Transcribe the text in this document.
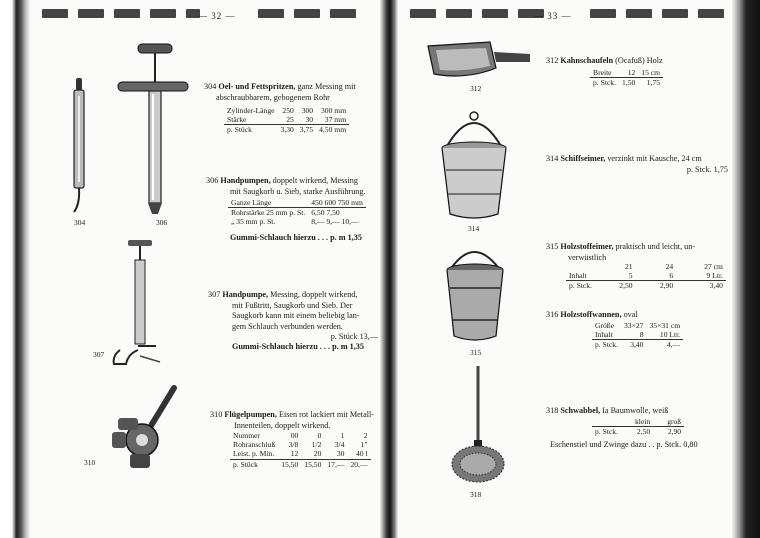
— 32 —	— 33 —
304	306
307
310
304 Oel- und Fettspritzen, ganz Messing mit
abschraubbarem, gebogenem Rohr
Zylinder-Länge	250	300	300 mm
Stärke	25	30	37 mm
p. Stück	3,30	3,75	4,50 mm
306 Handpumpen, doppelt wirkend, Messing
mit Saugkorb u. Sieb, starke Ausführung.
Ganze Länge	450 600 750 mm
Rohrstärke 25 mm p. St.	6,50 7,50
„ 35 mm p. St.	8,— 9,— 10,—
Gummi-Schlauch hierzu . . . p. m 1,35
307 Handpumpe, Messing, doppelt wirkend,
mit Fußtritt, Saugkorb und Sieb. Der
Saugkorb kann mit einem beliebig lan-
gem Schlauch verbunden werden.
p. Stück 13,—
Gummi-Schlauch hierzu . . . p. m 1,35
310 Flügelpumpen, Eisen rot lackiert mit Metall-
Innenteilen, doppelt wirkend.
Nummer	00	0	1	2
Rohranschluß	3/8	1/2	3/4	1"
Leist. p. Min.	12	20	30	40 l
p. Stück	15,50	15,50	17,—	20,—
312
314
315
318
312 Kahnschaufeln (Ocafuß) Holz
Breite	12	15 cm
p. Stck.	1,50	1,75
314 Schiffseimer, verzinkt mit Kausche, 24 cm
p. Stck. 1,75
315 Holzstoffeimer, praktisch und leicht, un-
verwüstlich
	21	24	27 cm
Inhalt	5	6	9 Ltr.
p. Stck.	2,50	2,90	3,40
316 Holzstoffwannen, oval
Größe	33×27	35×31 cm
Inhalt	8	10 Ltr.
p. Stck.	3,40	4,—
318 Schwabbel, Ia Baumwolle, weiß
	klein	groß
p. Stck.	2,50	2,90
Eschenstiel und Zwinge dazu . . p. Stck. 0,80
